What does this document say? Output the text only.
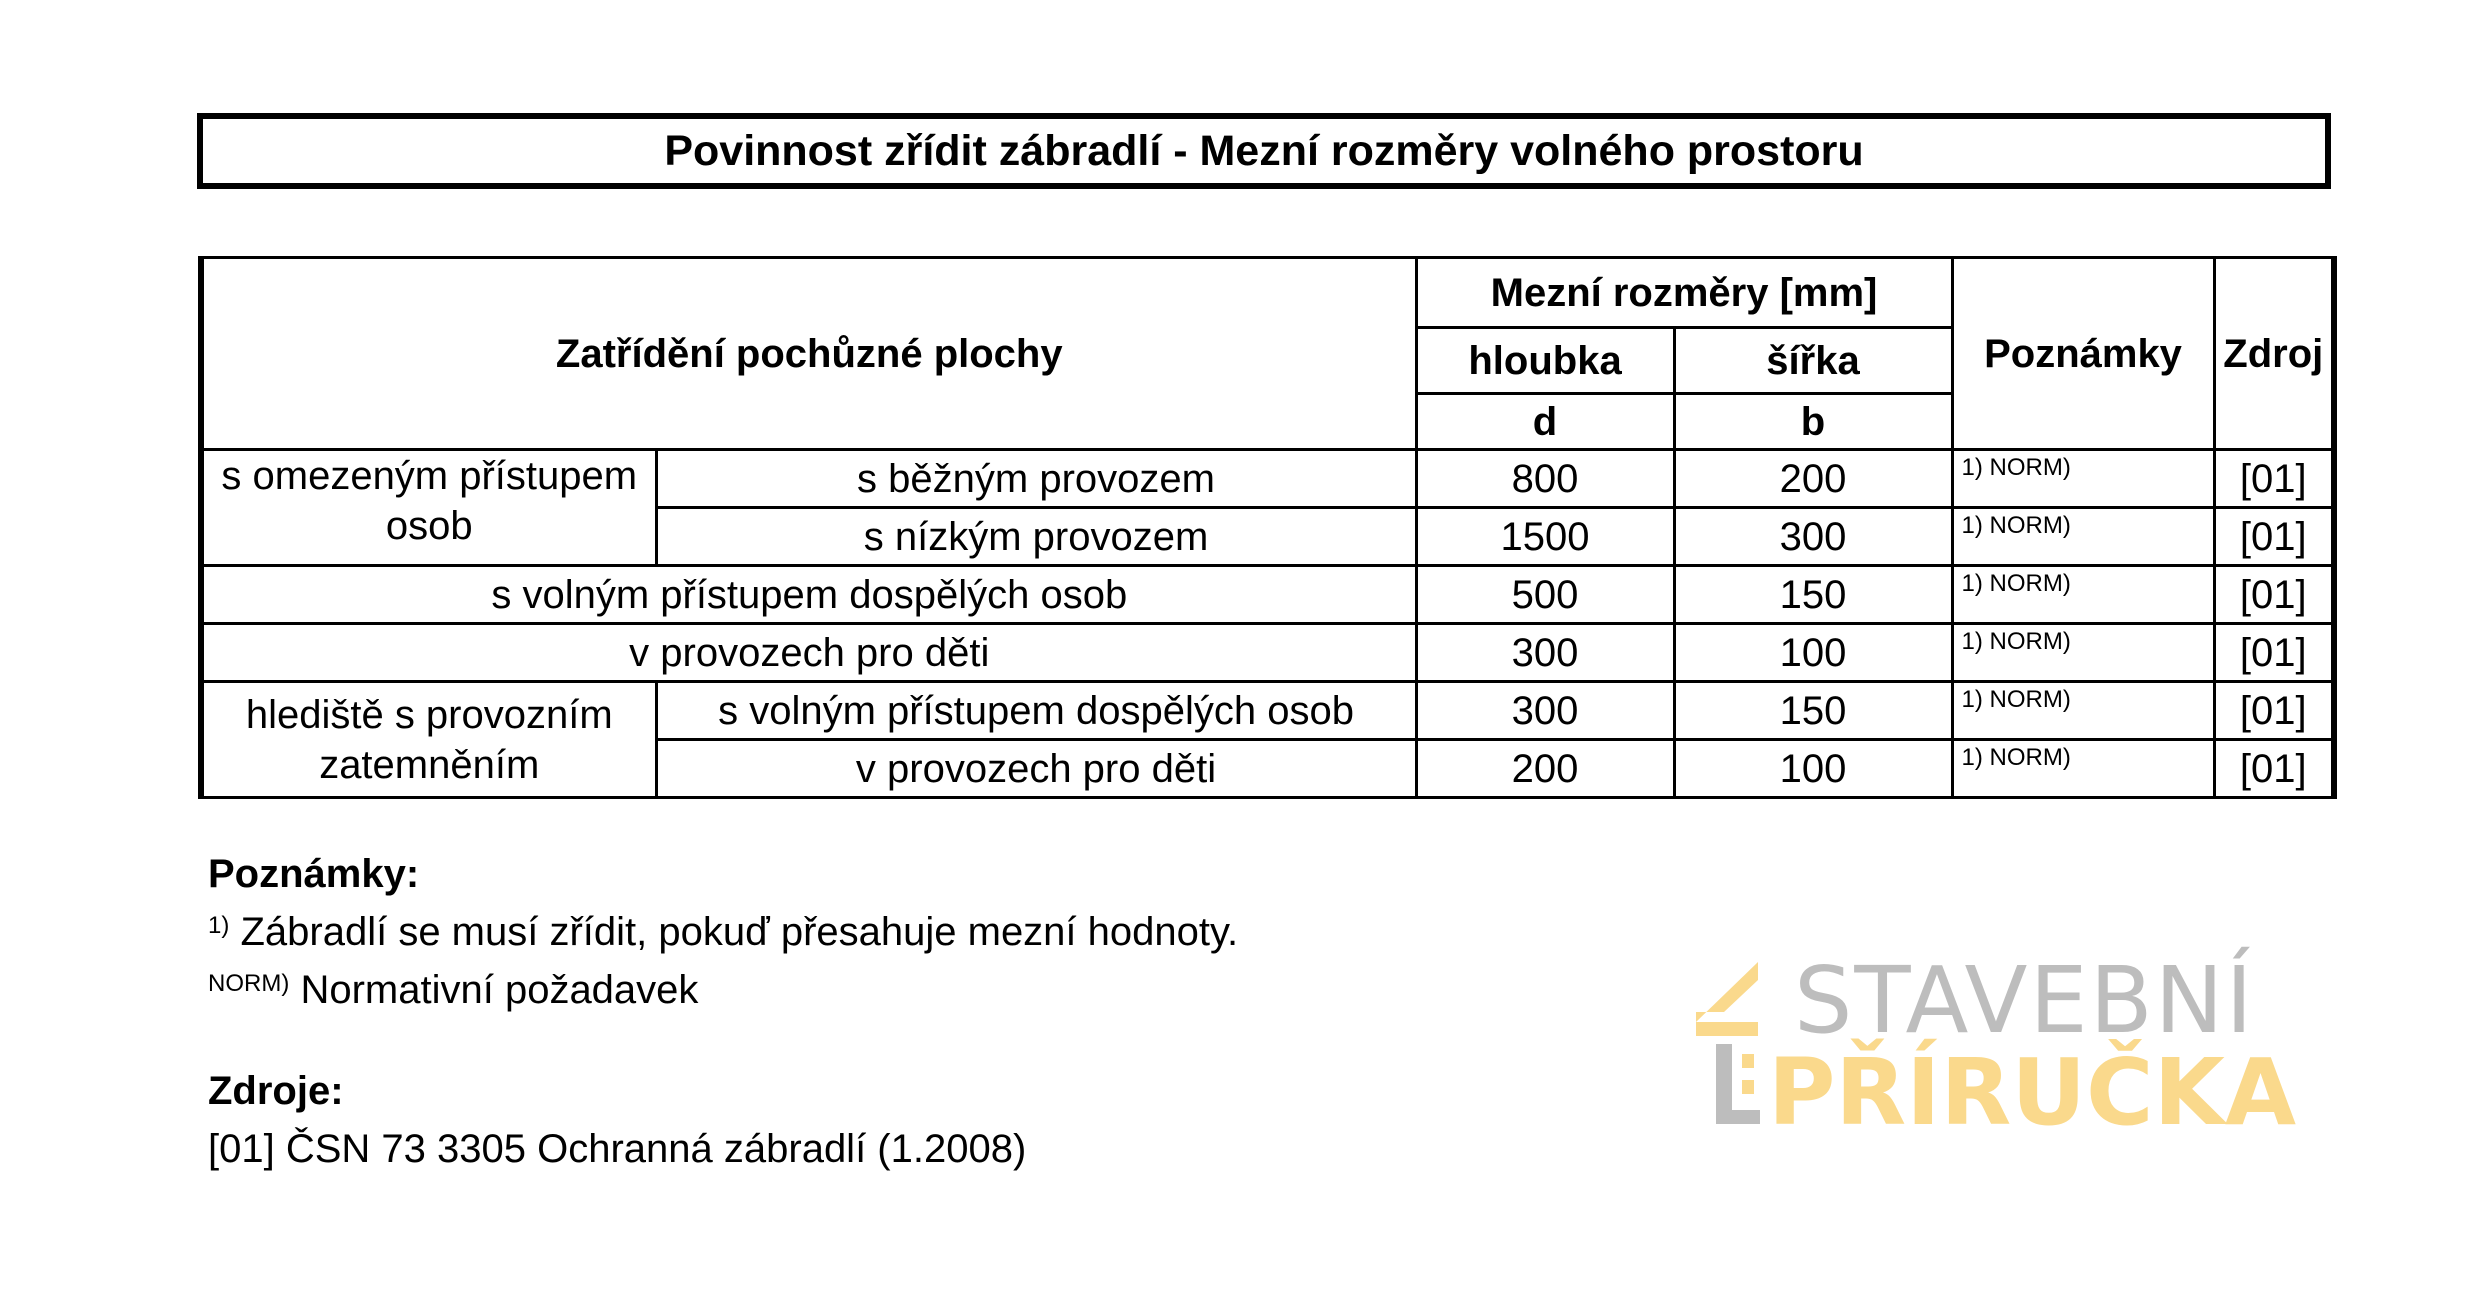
Povinnost zřídit zábradlí - Mezní rozměry volného prostoru
Zatřídění pochůzné plochy		Mezní rozměry [mm]		Poznámky	Zdroj
		hloubka	šířka		
		d	b		
s omezeným přístupem osob	s běžným provozem	800	200	1) NORM)	[01]
	s nízkým provozem	1500	300	1) NORM)	[01]
s volným přístupem dospělých osob		500	150	1) NORM)	[01]
v provozech pro děti		300	100	1) NORM)	[01]
hlediště s provozním zatemněním	s volným přístupem dospělých osob	300	150	1) NORM)	[01]
	v provozech pro děti	200	100	1) NORM)	[01]
Poznámky:
$^{1)}$ Zábradlí se musí zřídit, pokuď přesahuje mezní hodnoty.
$^{NORM)}$ Normativní požadavek
Zdroje:
[01] ČSN 73 3305 Ochranná zábradlí (1.2008)
STAVEBNÍ
PŘÍRUČKA
